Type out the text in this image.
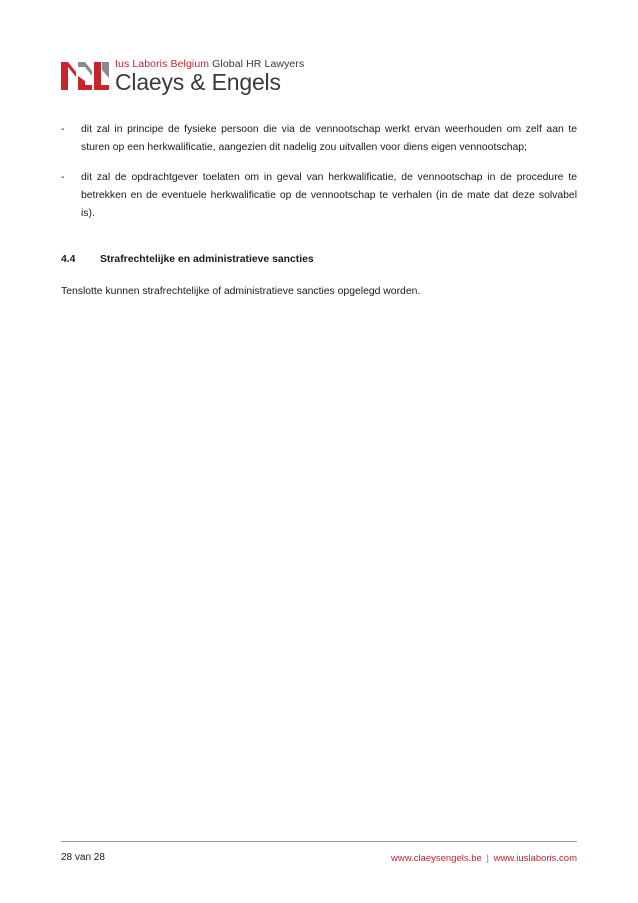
Ius Laboris Belgium Global HR Lawyers
Claeys & Engels
- dit zal in principe de fysieke persoon die via de vennootschap werkt ervan weerhouden om zelf aan te sturen op een herkwalificatie, aangezien dit nadelig zou uitvallen voor diens eigen vennootschap;
- dit zal de opdrachtgever toelaten om in geval van herkwalificatie, de vennootschap in de procedure te betrekken en de eventuele herkwalificatie op de vennootschap te verhalen (in de mate dat deze solvabel is).
4.4	Strafrechtelijke en administratieve sancties
Tenslotte kunnen strafrechtelijke of administratieve sancties opgelegd worden.
28 van 28	www.claeysengels.be | www.iuslaboris.com
